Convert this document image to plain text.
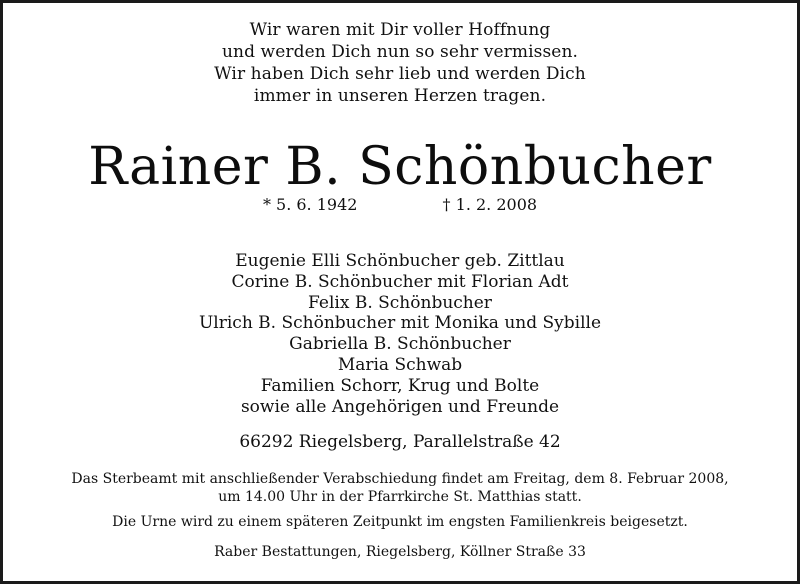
Wir waren mit Dir voller Hoffnung
und werden Dich nun so sehr vermissen.
Wir haben Dich sehr lieb und werden Dich
immer in unseren Herzen tragen.
Rainer B. Schönbucher
* 5. 6. 1942	† 1. 2. 2008
Eugenie Elli Schönbucher geb. Zittlau
Corine B. Schönbucher mit Florian Adt
Felix B. Schönbucher
Ulrich B. Schönbucher mit Monika und Sybille
Gabriella B. Schönbucher
Maria Schwab
Familien Schorr, Krug und Bolte
sowie alle Angehörigen und Freunde
66292 Riegelsberg, Parallelstraße 42
Das Sterbeamt mit anschließender Verabschiedung findet am Freitag, dem 8. Februar 2008,
um 14.00 Uhr in der Pfarrkirche St. Matthias statt.
Die Urne wird zu einem späteren Zeitpunkt im engsten Familienkreis beigesetzt.
Raber Bestattungen, Riegelsberg, Köllner Straße 33
